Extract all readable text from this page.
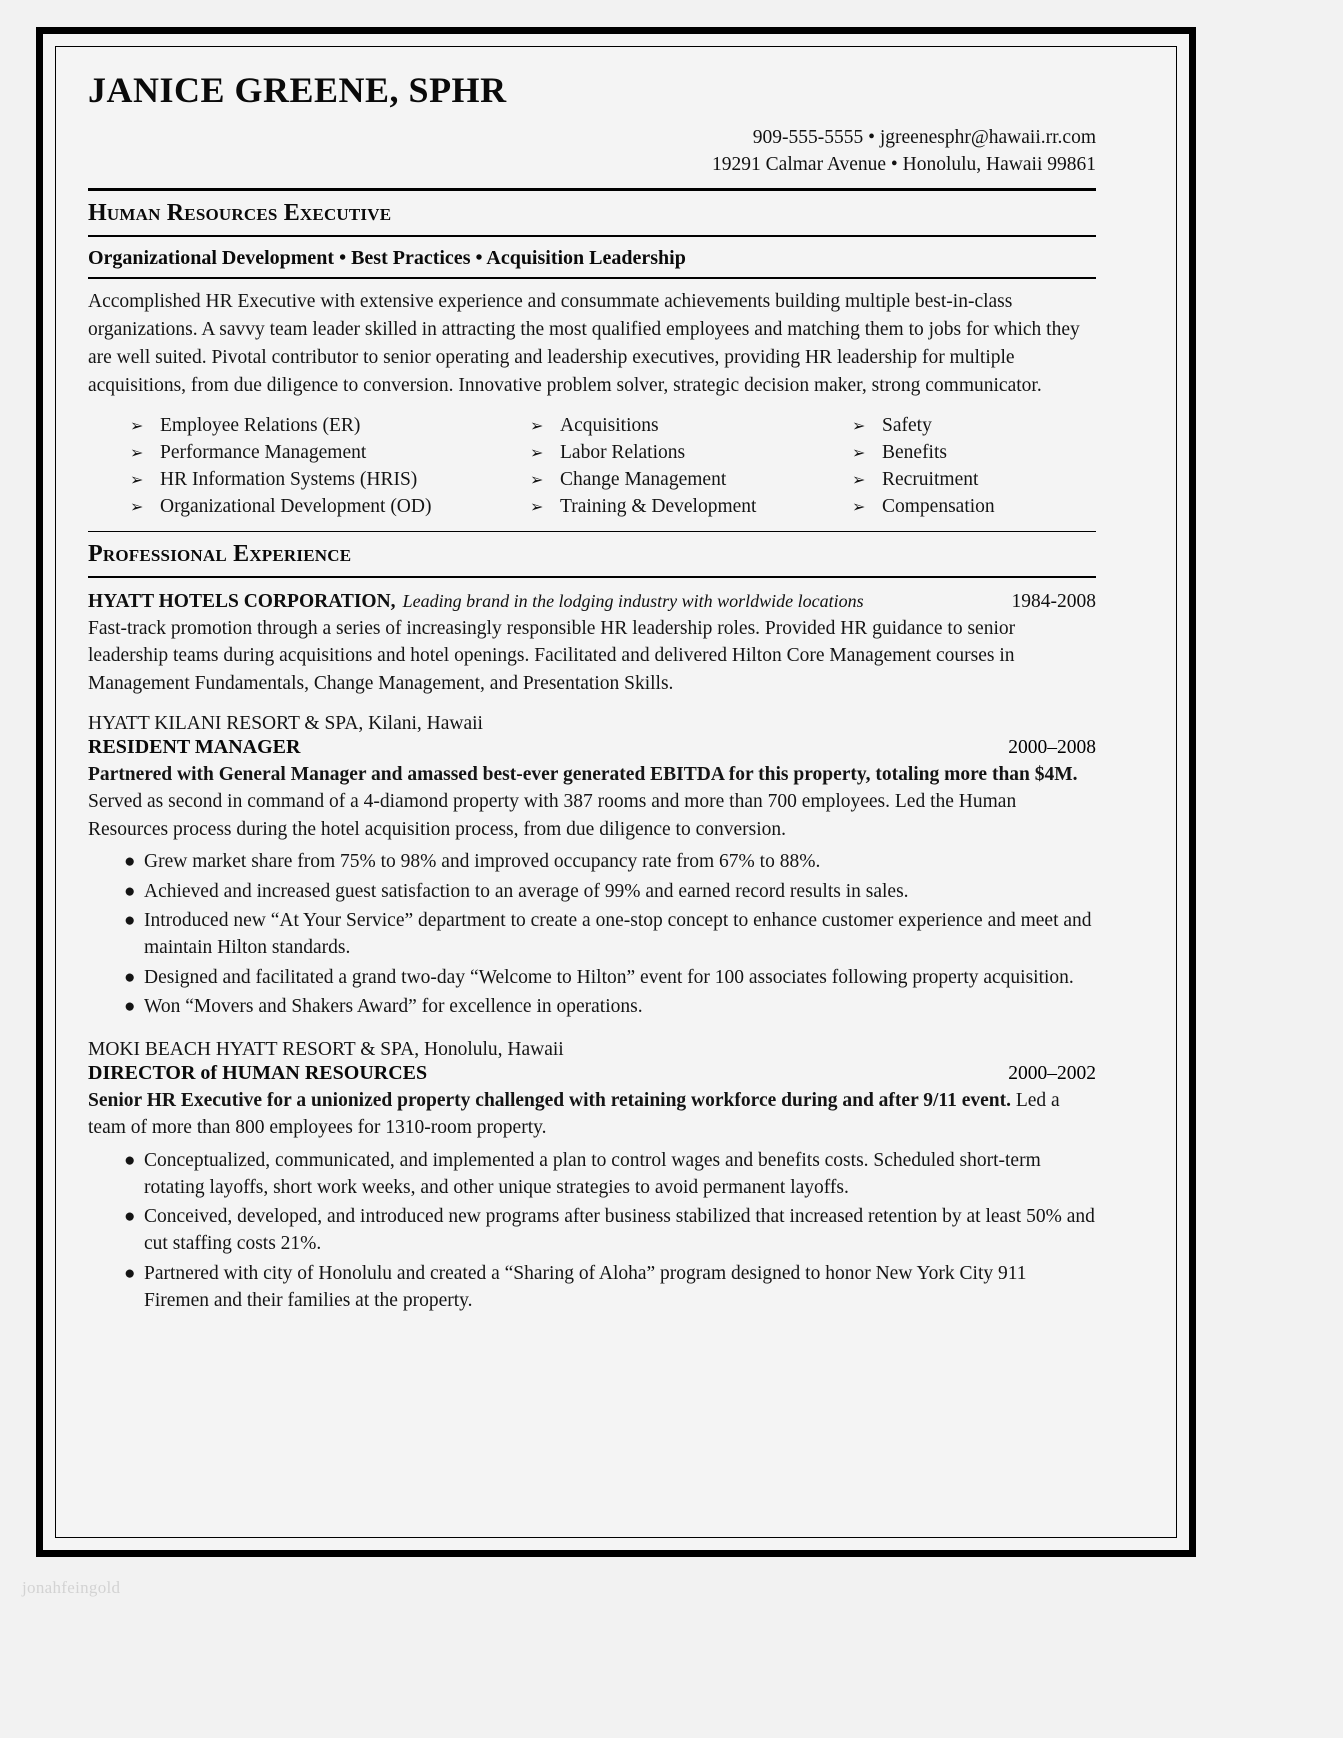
JANICE GREENE, SPHR
909-555-5555 • jgreenesphr@hawaii.rr.com
19291 Calmar Avenue • Honolulu, Hawaii 99861
Human Resources Executive
Organizational Development • Best Practices • Acquisition Leadership
Accomplished HR Executive with extensive experience and consummate achievements building multiple best-in-class organizations. A savvy team leader skilled in attracting the most qualified employees and matching them to jobs for which they are well suited. Pivotal contributor to senior operating and leadership executives, providing HR leadership for multiple acquisitions, from due diligence to conversion. Innovative problem solver, strategic decision maker, strong communicator.
➢ Employee Relations (ER)
➢ Performance Management
➢ HR Information Systems (HRIS)
➢ Organizational Development (OD)
➢ Acquisitions
➢ Labor Relations
➢ Change Management
➢ Training & Development
➢ Safety
➢ Benefits
➢ Recruitment
➢ Compensation
Professional Experience
HYATT HOTELS CORPORATION, Leading brand in the lodging industry with worldwide locations	1984-2008
Fast-track promotion through a series of increasingly responsible HR leadership roles. Provided HR guidance to senior leadership teams during acquisitions and hotel openings. Facilitated and delivered Hilton Core Management courses in Management Fundamentals, Change Management, and Presentation Skills.
HYATT KILANI RESORT & SPA, Kilani, Hawaii
RESIDENT MANAGER	2000–2008
Partnered with General Manager and amassed best-ever generated EBITDA for this property, totaling more than $4M. Served as second in command of a 4-diamond property with 387 rooms and more than 700 employees. Led the Human Resources process during the hotel acquisition process, from due diligence to conversion.
● Grew market share from 75% to 98% and improved occupancy rate from 67% to 88%.
● Achieved and increased guest satisfaction to an average of 99% and earned record results in sales.
● Introduced new “At Your Service” department to create a one-stop concept to enhance customer experience and meet and maintain Hilton standards.
● Designed and facilitated a grand two-day “Welcome to Hilton” event for 100 associates following property acquisition.
● Won “Movers and Shakers Award” for excellence in operations.
MOKI BEACH HYATT RESORT & SPA, Honolulu, Hawaii
DIRECTOR of HUMAN RESOURCES	2000–2002
Senior HR Executive for a unionized property challenged with retaining workforce during and after 9/11 event. Led a team of more than 800 employees for 1310-room property.
● Conceptualized, communicated, and implemented a plan to control wages and benefits costs. Scheduled short-term rotating layoffs, short work weeks, and other unique strategies to avoid permanent layoffs.
● Conceived, developed, and introduced new programs after business stabilized that increased retention by at least 50% and cut staffing costs 21%.
● Partnered with city of Honolulu and created a “Sharing of Aloha” program designed to honor New York City 911 Firemen and their families at the property.
jonahfeingold
